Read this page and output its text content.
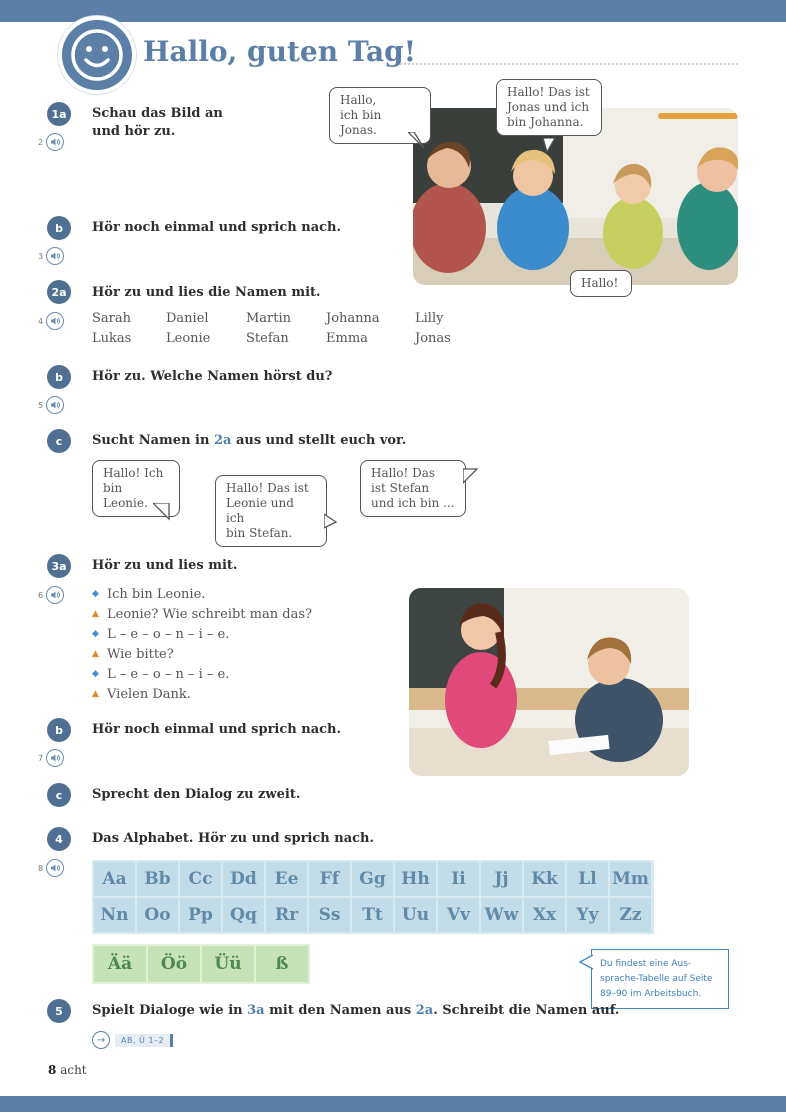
Hallo, guten Tag!
1a
2
Schau das Bild an
und hör zu.
b
3
Hör noch einmal und sprich nach.
Hallo,
ich bin Jonas.
Hallo! Das ist
Jonas und ich
bin Johanna.
Hallo!
2a
4
Hör zu und lies die Namen mit.
Sarah	Daniel	Martin	Johanna	Lilly
Lukas	Leonie	Stefan	Emma	Jonas
b
5
Hör zu. Welche Namen hörst du?
c	Sucht Namen in 2a aus und stellt euch vor.
Hallo! Ich
bin Leonie.
Hallo! Das ist
Leonie und ich
bin Stefan.
Hallo! Das
ist Stefan
und ich bin ...
3a
6
Hör zu und lies mit.
◆ Ich bin Leonie.
▲ Leonie? Wie schreibt man das?
◆ L – e – o – n – i – e.
▲ Wie bitte?
◆ L – e – o – n – i – e.
▲ Vielen Dank.
b
7
Hör noch einmal und sprich nach.
c	Sprecht den Dialog zu zweit.
4
8
Das Alphabet. Hör zu und sprich nach.
Aa	Bb	Cc	Dd	Ee	Ff	Gg Hh	Ii	Jj	Kk	Ll Mm
Nn Oo	Pp	Qq	Rr	Ss	Tt	Uu	Vv Ww Xx	Yy	Zz
Ää	Öö	Üü	ß	Du findest eine Aus-
sprache-Tabelle auf Seite
89–90 im Arbeitsbuch.
5	Spielt Dialoge wie in 3a mit den Namen aus 2a. Schreibt die Namen auf.
→	AB, Ü 1–2
8 acht
